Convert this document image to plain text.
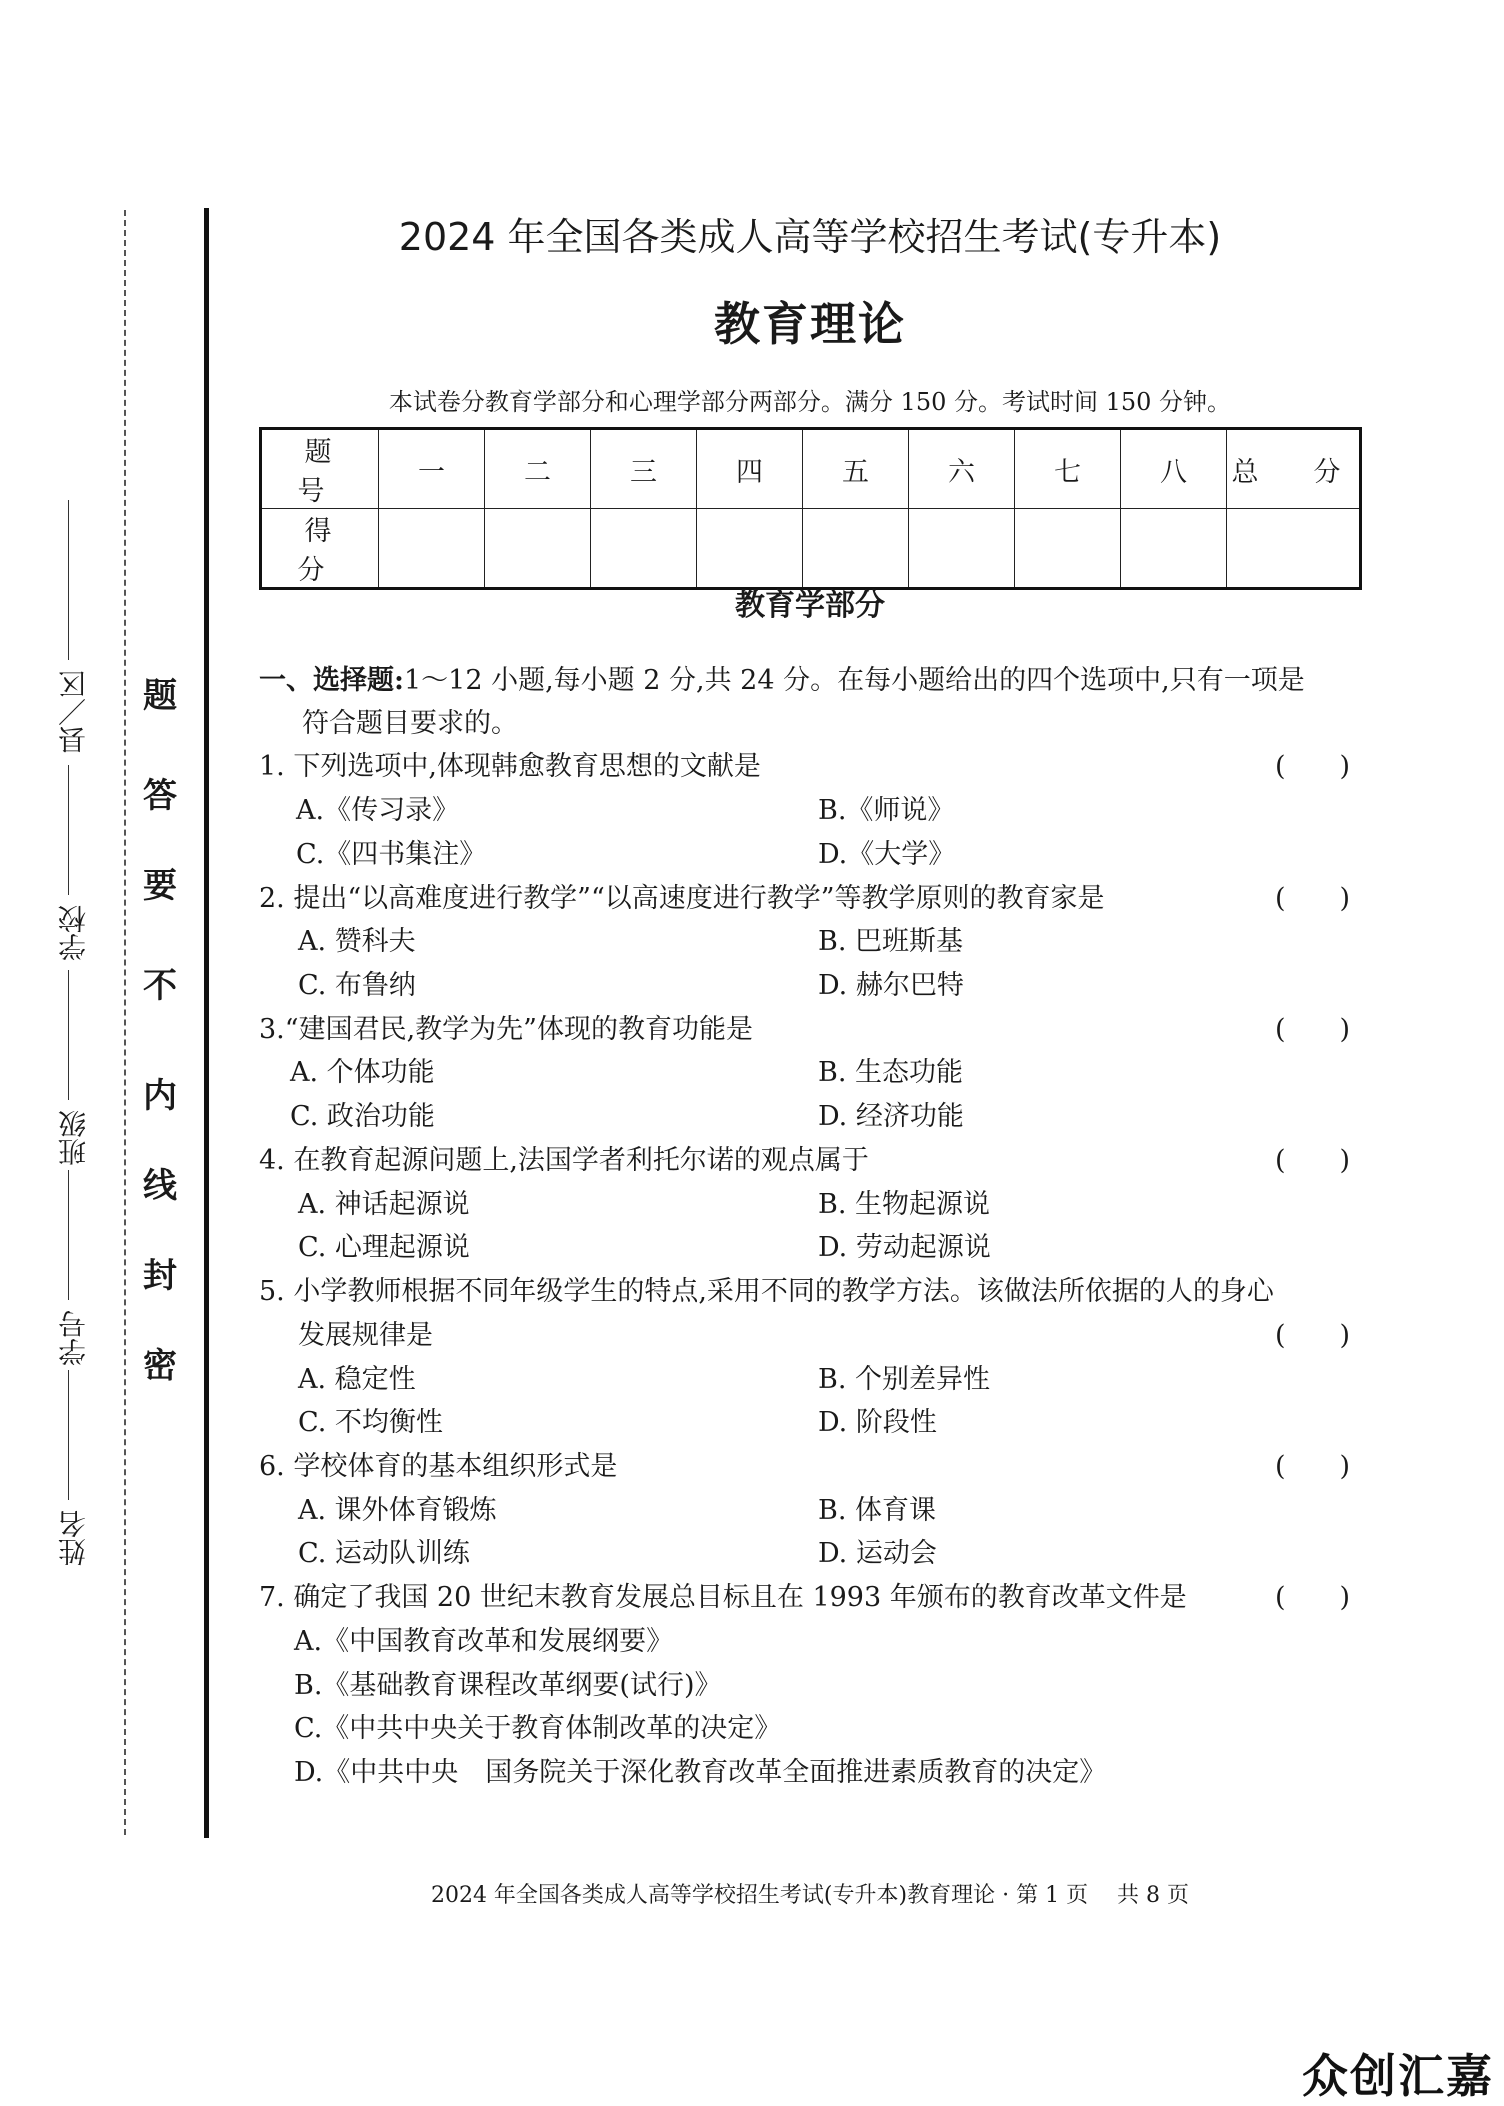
姓名
学号
班级
学校
县／区
密
封
线
内
不
要
答
题
2024 年全国各类成人高等学校招生考试(专升本)
教育理论
本试卷分教育学部分和心理学部分两部分。满分 150 分。考试时间 150 分钟。
题　号	一	二	三	四	五	六	七	八	总　分
得　分									
教育学部分
一、选择题:1～12 小题,每小题 2 分,共 24 分。在每小题给出的四个选项中,只有一项是
符合题目要求的。
1. 下列选项中,体现韩愈教育思想的文献是	(　　)
A.《传习录》	B.《师说》
C.《四书集注》	D.《大学》
2. 提出“以高难度进行教学”“以高速度进行教学”等教学原则的教育家是	(　　)
A. 赞科夫	B. 巴班斯基
C. 布鲁纳	D. 赫尔巴特
3.“建国君民,教学为先”体现的教育功能是	(　　)
A. 个体功能	B. 生态功能
C. 政治功能	D. 经济功能
4. 在教育起源问题上,法国学者利托尔诺的观点属于	(　　)
A. 神话起源说	B. 生物起源说
C. 心理起源说	D. 劳动起源说
5. 小学教师根据不同年级学生的特点,采用不同的教学方法。该做法所依据的人的身心
发展规律是	(　　)
A. 稳定性	B. 个别差异性
C. 不均衡性	D. 阶段性
6. 学校体育的基本组织形式是	(　　)
A. 课外体育锻炼	B. 体育课
C. 运动队训练	D. 运动会
7. 确定了我国 20 世纪末教育发展总目标且在 1993 年颁布的教育改革文件是	(　　)
A.《中国教育改革和发展纲要》
B.《基础教育课程改革纲要(试行)》
C.《中共中央关于教育体制改革的决定》
D.《中共中央　国务院关于深化教育改革全面推进素质教育的决定》
2024 年全国各类成人高等学校招生考试(专升本)教育理论 · 第 1 页　 共 8 页
众创汇嘉
